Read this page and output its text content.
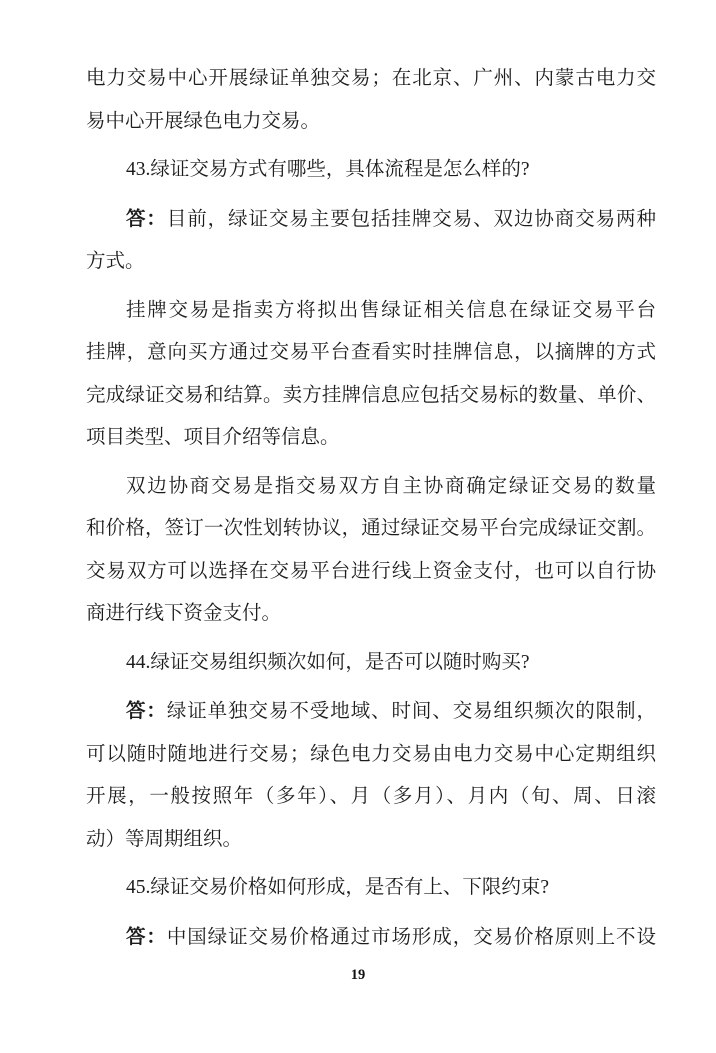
电力交易中心开展绿证单独交易；在北京、广州、内蒙古电力交
易中心开展绿色电力交易。
43.绿证交易方式有哪些，具体流程是怎么样的?
答：目前，绿证交易主要包括挂牌交易、双边协商交易两种
方式。
挂牌交易是指卖方将拟出售绿证相关信息在绿证交易平台
挂牌，意向买方通过交易平台查看实时挂牌信息，以摘牌的方式
完成绿证交易和结算。卖方挂牌信息应包括交易标的数量、单价、
项目类型、项目介绍等信息。
双边协商交易是指交易双方自主协商确定绿证交易的数量
和价格，签订一次性划转协议，通过绿证交易平台完成绿证交割。
交易双方可以选择在交易平台进行线上资金支付，也可以自行协
商进行线下资金支付。
44.绿证交易组织频次如何，是否可以随时购买?
答：绿证单独交易不受地域、时间、交易组织频次的限制，
可以随时随地进行交易；绿色电力交易由电力交易中心定期组织
开展，一般按照年（多年）、月（多月）、月内（旬、周、日滚
动）等周期组织。
45.绿证交易价格如何形成，是否有上、下限约束?
答：中国绿证交易价格通过市场形成，交易价格原则上不设
19
